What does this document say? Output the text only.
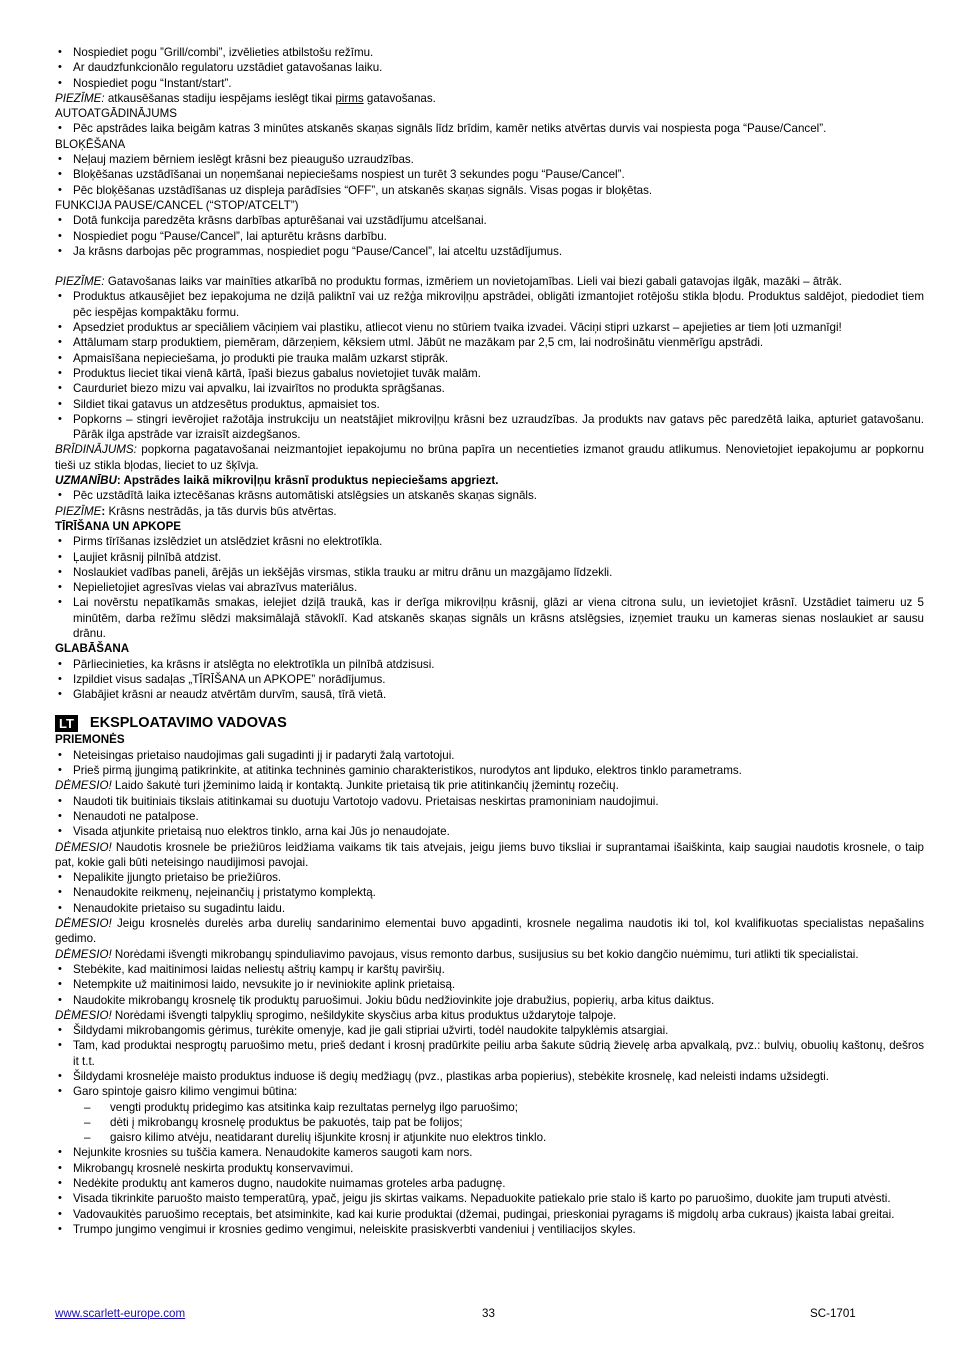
• Nospiediet pogu ”Grill/combi”, izvēlieties atbilstošu režīmu.

• Ar daudzfunkcionālo regulatoru uzstādiet gatavošanas laiku.

• Nospiediet pogu “Instant/start”.

PIEZĪME: atkausēšanas stadiju iespējams ieslēgt tikai pirms gatavošanas.

AUTOATGĀDINĀJUMS

• Pēc apstrādes laika beigām katras 3 minūtes atskanēs skaņas signāls līdz brīdim, kamēr netiks atvērtas durvis vai nospiesta poga “Pause/Cancel”.

BLOĶĒŠANA

• Neļauj maziem bērniem ieslēgt krāsni bez pieaugušo uzraudzības.

• Bloķēšanas uzstādīšanai un noņemšanai nepieciešams nospiest un turēt 3 sekundes pogu “Pause/Cancel”.

• Pēc bloķēšanas uzstādīšanas uz displeja parādīsies “OFF”, un atskanēs skaņas signāls. Visas pogas ir bloķētas.

FUNKCIJA PAUSE/CANCEL (“STOP/ATCELT”)

• Dotā funkcija paredzēta krāsns darbības apturēšanai vai uzstādījumu atcelšanai.

• Nospiediet pogu “Pause/Cancel”, lai apturētu krāsns darbību.

• Ja krāsns darbojas pēc programmas, nospiediet pogu “Pause/Cancel”, lai atceltu uzstādījumus.

PIEZĪME: Gatavošanas laiks var mainīties atkarībā no produktu formas, izmēriem un novietojamības. Lieli vai biezi gabali gatavojas ilgāk, mazāki – ātrāk.

• Produktus atkausējiet bez iepakojuma ne dziļā paliktnī vai uz režģa mikroviļņu apstrādei, obligāti izmantojiet rotējošu stikla bļodu. Produktus saldējot, piedodiet tiem pēc iespējas kompaktāku formu.

• Apsedziet produktus ar speciāliem vāciņiem vai plastiku, atliecot vienu no stūriem tvaika izvadei. Vāciņi stipri uzkarst – apejieties ar tiem ļoti uzmanīgi!

• Attālumam starp produktiem, piemēram, dārzeņiem, kēksiem utml. Jābūt ne mazākam par 2,5 cm, lai nodrošinātu vienmērīgu apstrādi.

• Apmaisīšana nepieciešama, jo produkti pie trauka malām uzkarst stiprāk.

• Produktus lieciet tikai vienā kārtā, īpaši biezus gabalus novietojiet tuvāk malām.

• Caurduriet biezo mizu vai apvalku, lai izvairītos no produkta sprāgšanas.

• Sildiet tikai gatavus un atdzesētus produktus, apmaisiet tos.

• Popkorns – stingri ievērojiet ražotāja instrukciju un neatstājiet mikroviļņu krāsni bez uzraudzības. Ja produkts nav gatavs pēc paredzētā laika, apturiet gatavošanu. Pārāk ilga apstrāde var izraisīt aizdegšanos.

BRĪDINĀJUMS: popkorna pagatavošanai neizmantojiet iepakojumu no brūna papīra un necentieties izmanot graudu atlikumus. Nenovietojiet iepakojumu ar popkornu tieši uz stikla bļodas, lieciet to uz šķīvja.

UZMANĪBU: Apstrādes laikā mikroviļņu krāsnī produktus nepieciešams apgriezt.

• Pēc uzstādītā laika iztecēšanas krāsns automātiski atslēgsies un atskanēs skaņas signāls.

PIEZĪME: Krāsns nestrādās, ja tās durvis būs atvērtas.

TĪRĪŠANA UN APKOPE

• Pirms tīrīšanas izslēdziet un atslēdziet krāsni no elektrotīkla.

• Ļaujiet krāsnij pilnībā atdzist.

• Noslaukiet vadības paneli, ārējās un iekšējās virsmas, stikla trauku ar mitru drānu un mazgājamo līdzekli.

• Nepielietojiet agresīvas vielas vai abrazīvus materiālus.

• Lai novērstu nepatīkamās smakas, ielejiet dziļā traukā, kas ir derīga mikroviļņu krāsnij, glāzi ar viena citrona sulu, un ievietojiet krāsnī. Uzstādiet taimeru uz 5 minūtēm, darba režīmu slēdzi maksimālajā stāvoklī. Kad atskanēs skaņas signāls un krāsns atslēgsies, izņemiet trauku un kameras sienas noslaukiet ar sausu drānu.

GLABĀŠANA

• Pārliecinieties, ka krāsns ir atslēgta no elektrotīkla un pilnībā atdzisusi.

• Izpildiet visus sadaļas „TĪRĪŠANA un APKOPE” norādījumus.

• Glabājiet krāsni ar neaudz atvērtām durvīm, sausā, tīrā vietā.

LT EKSPLOATAVIMO VADOVAS

PRIEMONĖS

• Neteisingas prietaiso naudojimas gali sugadinti jį ir padaryti žalą vartotojui.

• Prieš pirmą įjungimą patikrinkite, at atitinka techninės gaminio charakteristikos, nurodytos ant lipduko, elektros tinklo parametrams.

DĖMESIO! Laido šakutė turi įžeminimo laidą ir kontaktą. Junkite prietaisą tik prie atitinkančių įžemintų rozečių.

• Naudoti tik buitiniais tikslais atitinkamai su duotuju Vartotojo vadovu. Prietaisas neskirtas pramoniniam naudojimui.

• Nenaudoti ne patalpose.

• Visada atjunkite prietaisą nuo elektros tinklo, arna kai Jūs jo nenaudojate.

DĖMESIO! Naudotis krosnele be priežiūros leidžiama vaikams tik tais atvejais, jeigu jiems buvo tiksliai ir suprantamai išaiškinta, kaip saugiai naudotis krosnele, o taip pat, kokie gali būti neteisingo naudijimosi pavojai.

• Nepalikite įjungto prietaiso be priežiūros.

• Nenaudokite reikmenų, neįeinančių į pristatymo komplektą.

• Nenaudokite prietaiso su sugadintu laidu.

DĖMESIO! Jeigu krosnelės durelės arba durelių sandarinimo elementai buvo apgadinti, krosnele negalima naudotis iki tol, kol kvalifikuotas specialistas nepašalins gedimo.

DĖMESIO! Norėdami išvengti mikrobangų spinduliavimo pavojaus, visus remonto darbus, susijusius su bet kokio dangčio nuėmimu, turi atlikti tik specialistai.

• Stebėkite, kad maitinimosi laidas neliestų aštrių kampų ir karštų paviršių.

• Netempkite už maitinimosi laido, nevsukite jo ir neviniokite aplink prietaisą.

• Naudokite mikrobangų krosnelę tik produktų paruošimui. Jokiu būdu nedžiovinkite joje drabužius, popierių, arba kitus daiktus.

DĖMESIO! Norėdami išvengti talpyklių sprogimo, nešildykite skysčius arba kitus produktus uždarytoje talpoje.

• Šildydami mikrobangomis gėrimus, turėkite omenyje, kad jie gali stipriai užvirti, todėl naudokite talpyklėmis atsargiai.

• Tam, kad produktai nesprogtų paruošimo metu, prieš dedant i krosnį pradūrkite peiliu arba šakute sūdrią žievelę arba apvalkalą, pvz.: bulvių, obuolių kaštonų, dešros it t.t.

• Šildydami krosnelėje maisto produktus induose iš degių medžiagų (pvz., plastikas arba popierius), stebėkite krosnelę, kad neleisti indams užsidegti.

• Garo spintoje gaisro kilimo vengimui būtina:

– vengti produktų pridegimo kas atsitinka kaip rezultatas pernelyg ilgo paruošimo;

– dėti į mikrobangų krosnelę produktus be pakuotės, taip pat be folijos;

– gaisro kilimo atvėju, neatidarant durelių išjunkite krosnį ir atjunkite nuo elektros tinklo.

• Nejunkite krosnies su tuščia kamera. Nenaudokite kameros saugoti kam nors.

• Mikrobangų krosnelė neskirta produktų konservavimui.

• Nedėkite produktų ant kameros dugno, naudokite nuimamas groteles arba padugnę.

• Visada tikrinkite paruošto maisto temperatūrą, ypač, jeigu jis skirtas vaikams. Nepaduokite patiekalo prie stalo iš karto po paruošimo, duokite jam truputi atvėsti.

• Vadovaukitės paruošimo receptais, bet atsiminkite, kad kai kurie produktai (džemai, pudingai, prieskoniai pyragams iš migdolų arba cukraus) įkaista labai greitai.

• Trumpo jungimo vengimui ir krosnies gedimo vengimui, neleiskite prasiskverbti vandeniui į ventiliacijos skyles.

www.scarlett-europe.com	33	SC-1701
